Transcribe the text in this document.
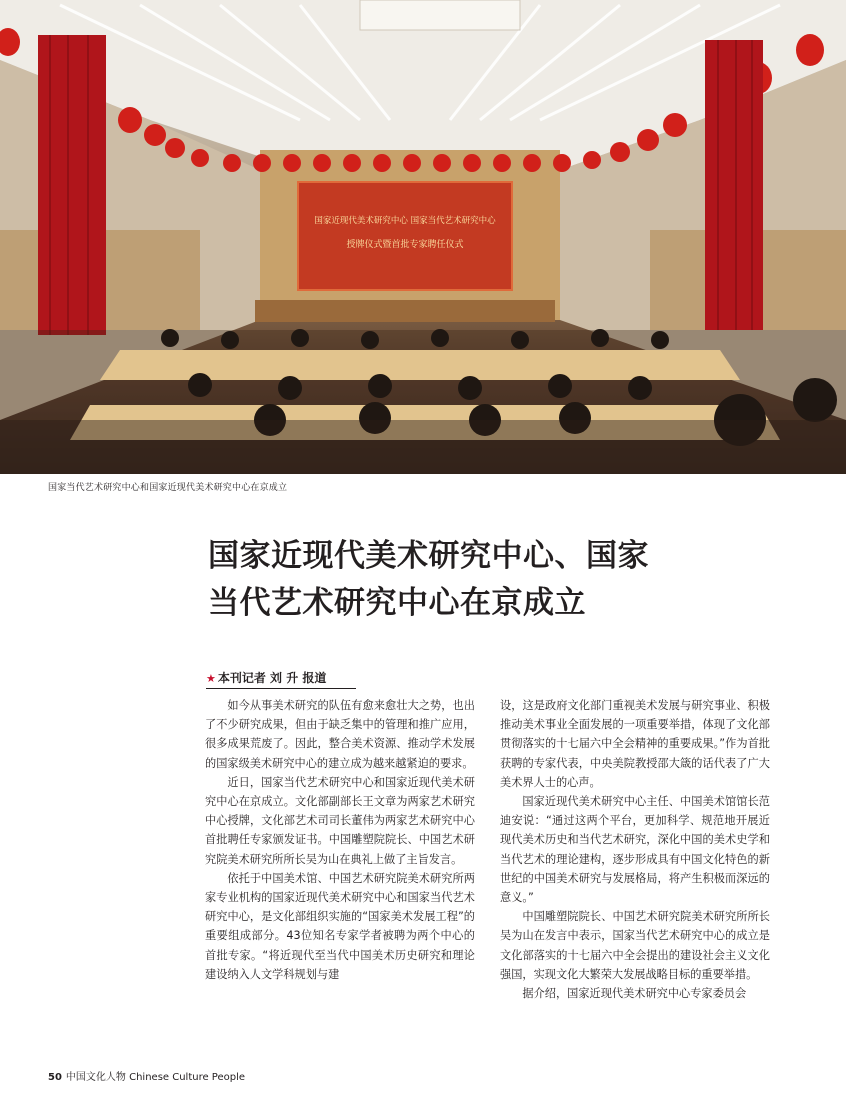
国家近现代美术研究中心 国家当代艺术研究中心
授牌仪式暨首批专家聘任仪式
国家当代艺术研究中心和国家近现代美术研究中心在京成立
国家近现代美术研究中心、国家
当代艺术研究中心在京成立
★ 本刊记者 刘 升 报道

如今从事美术研究的队伍有愈来愈壮大之势，也出了不少研究成果，但由于缺乏集中的管理和推广应用，很多成果荒废了。因此，整合美术资源、推动学术发展的国家级美术研究中心的建立成为越来越紧迫的要求。

近日，国家当代艺术研究中心和国家近现代美术研究中心在京成立。文化部副部长王文章为两家艺术研究中心授牌，文化部艺术司司长董伟为两家艺术研究中心首批聘任专家颁发证书。中国雕塑院院长、中国艺术研究院美术研究所所长吴为山在典礼上做了主旨发言。

依托于中国美术馆、中国艺术研究院美术研究所两家专业机构的国家近现代美术研究中心和国家当代艺术研究中心，是文化部组织实施的“国家美术发展工程”的重要组成部分。43位知名专家学者被聘为两个中心的首批专家。“将近现代至当代中国美术历史研究和理论建设纳入人文学科规划与建

设，这是政府文化部门重视美术发展与研究事业、积极推动美术事业全面发展的一项重要举措，体现了文化部贯彻落实的十七届六中全会精神的重要成果。”作为首批获聘的专家代表，中央美院教授邵大箴的话代表了广大美术界人士的心声。

国家近现代美术研究中心主任、中国美术馆馆长范迪安说：“通过这两个平台，更加科学、规范地开展近现代美术历史和当代艺术研究，深化中国的美术史学和当代艺术的理论建构，逐步形成具有中国文化特色的新世纪的中国美术研究与发展格局，将产生积极而深远的意义。”

中国雕塑院院长、中国艺术研究院美术研究所所长吴为山在发言中表示，国家当代艺术研究中心的成立是文化部落实的十七届六中全会提出的建设社会主义文化强国，实现文化大繁荣大发展战略目标的重要举措。

据介绍，国家近现代美术研究中心专家委员会

50 中国文化人物 Chinese Culture People
